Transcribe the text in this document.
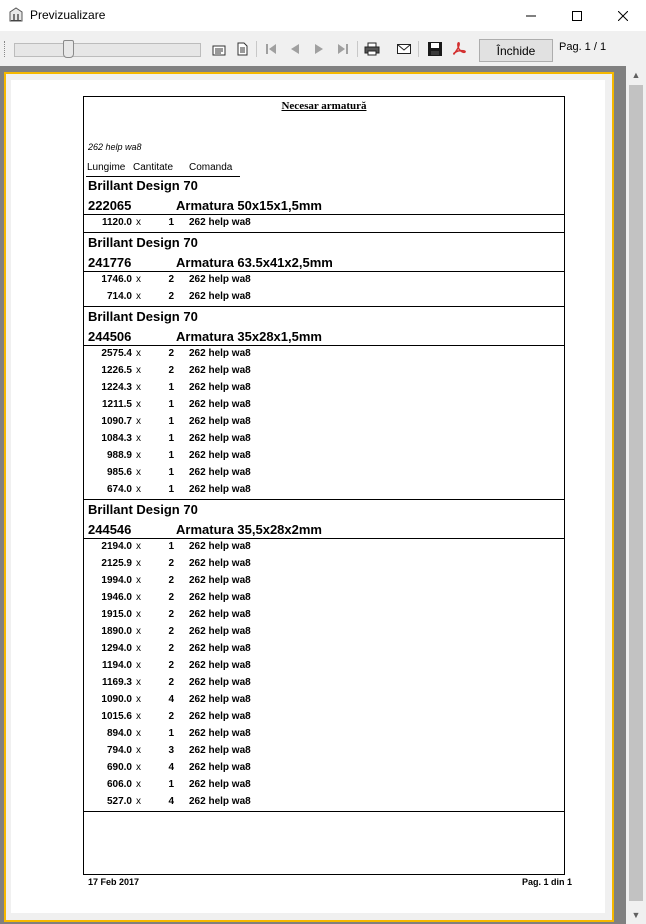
Previzualizare
Închide	Pag. 1 / 1
▲
▼
Necesar armatură
262 help wa8
Lungime Cantitate Comanda
Brillant Design 70
222065	Armatura 50x15x1,5mm
1120.0 x	1 262 help wa8
Brillant Design 70
241776	Armatura 63.5x41x2,5mm
1746.0 x	2 262 help wa8
714.0 x	2 262 help wa8
Brillant Design 70
244506	Armatura 35x28x1,5mm
2575.4 x	2 262 help wa8
1226.5 x	2 262 help wa8
1224.3 x	1 262 help wa8
1211.5 x	1 262 help wa8
1090.7 x	1 262 help wa8
1084.3 x	1 262 help wa8
988.9 x	1 262 help wa8
985.6 x	1 262 help wa8
674.0 x	1 262 help wa8
Brillant Design 70
244546	Armatura 35,5x28x2mm
2194.0 x	1 262 help wa8
2125.9 x	2 262 help wa8
1994.0 x	2 262 help wa8
1946.0 x	2 262 help wa8
1915.0 x	2 262 help wa8
1890.0 x	2 262 help wa8
1294.0 x	2 262 help wa8
1194.0 x	2 262 help wa8
1169.3 x	2 262 help wa8
1090.0 x	4 262 help wa8
1015.6 x	2 262 help wa8
894.0 x	1 262 help wa8
794.0 x	3 262 help wa8
690.0 x	4 262 help wa8
606.0 x	1 262 help wa8
527.0 x	4 262 help wa8
17 Feb 2017	Pag. 1 din 1
